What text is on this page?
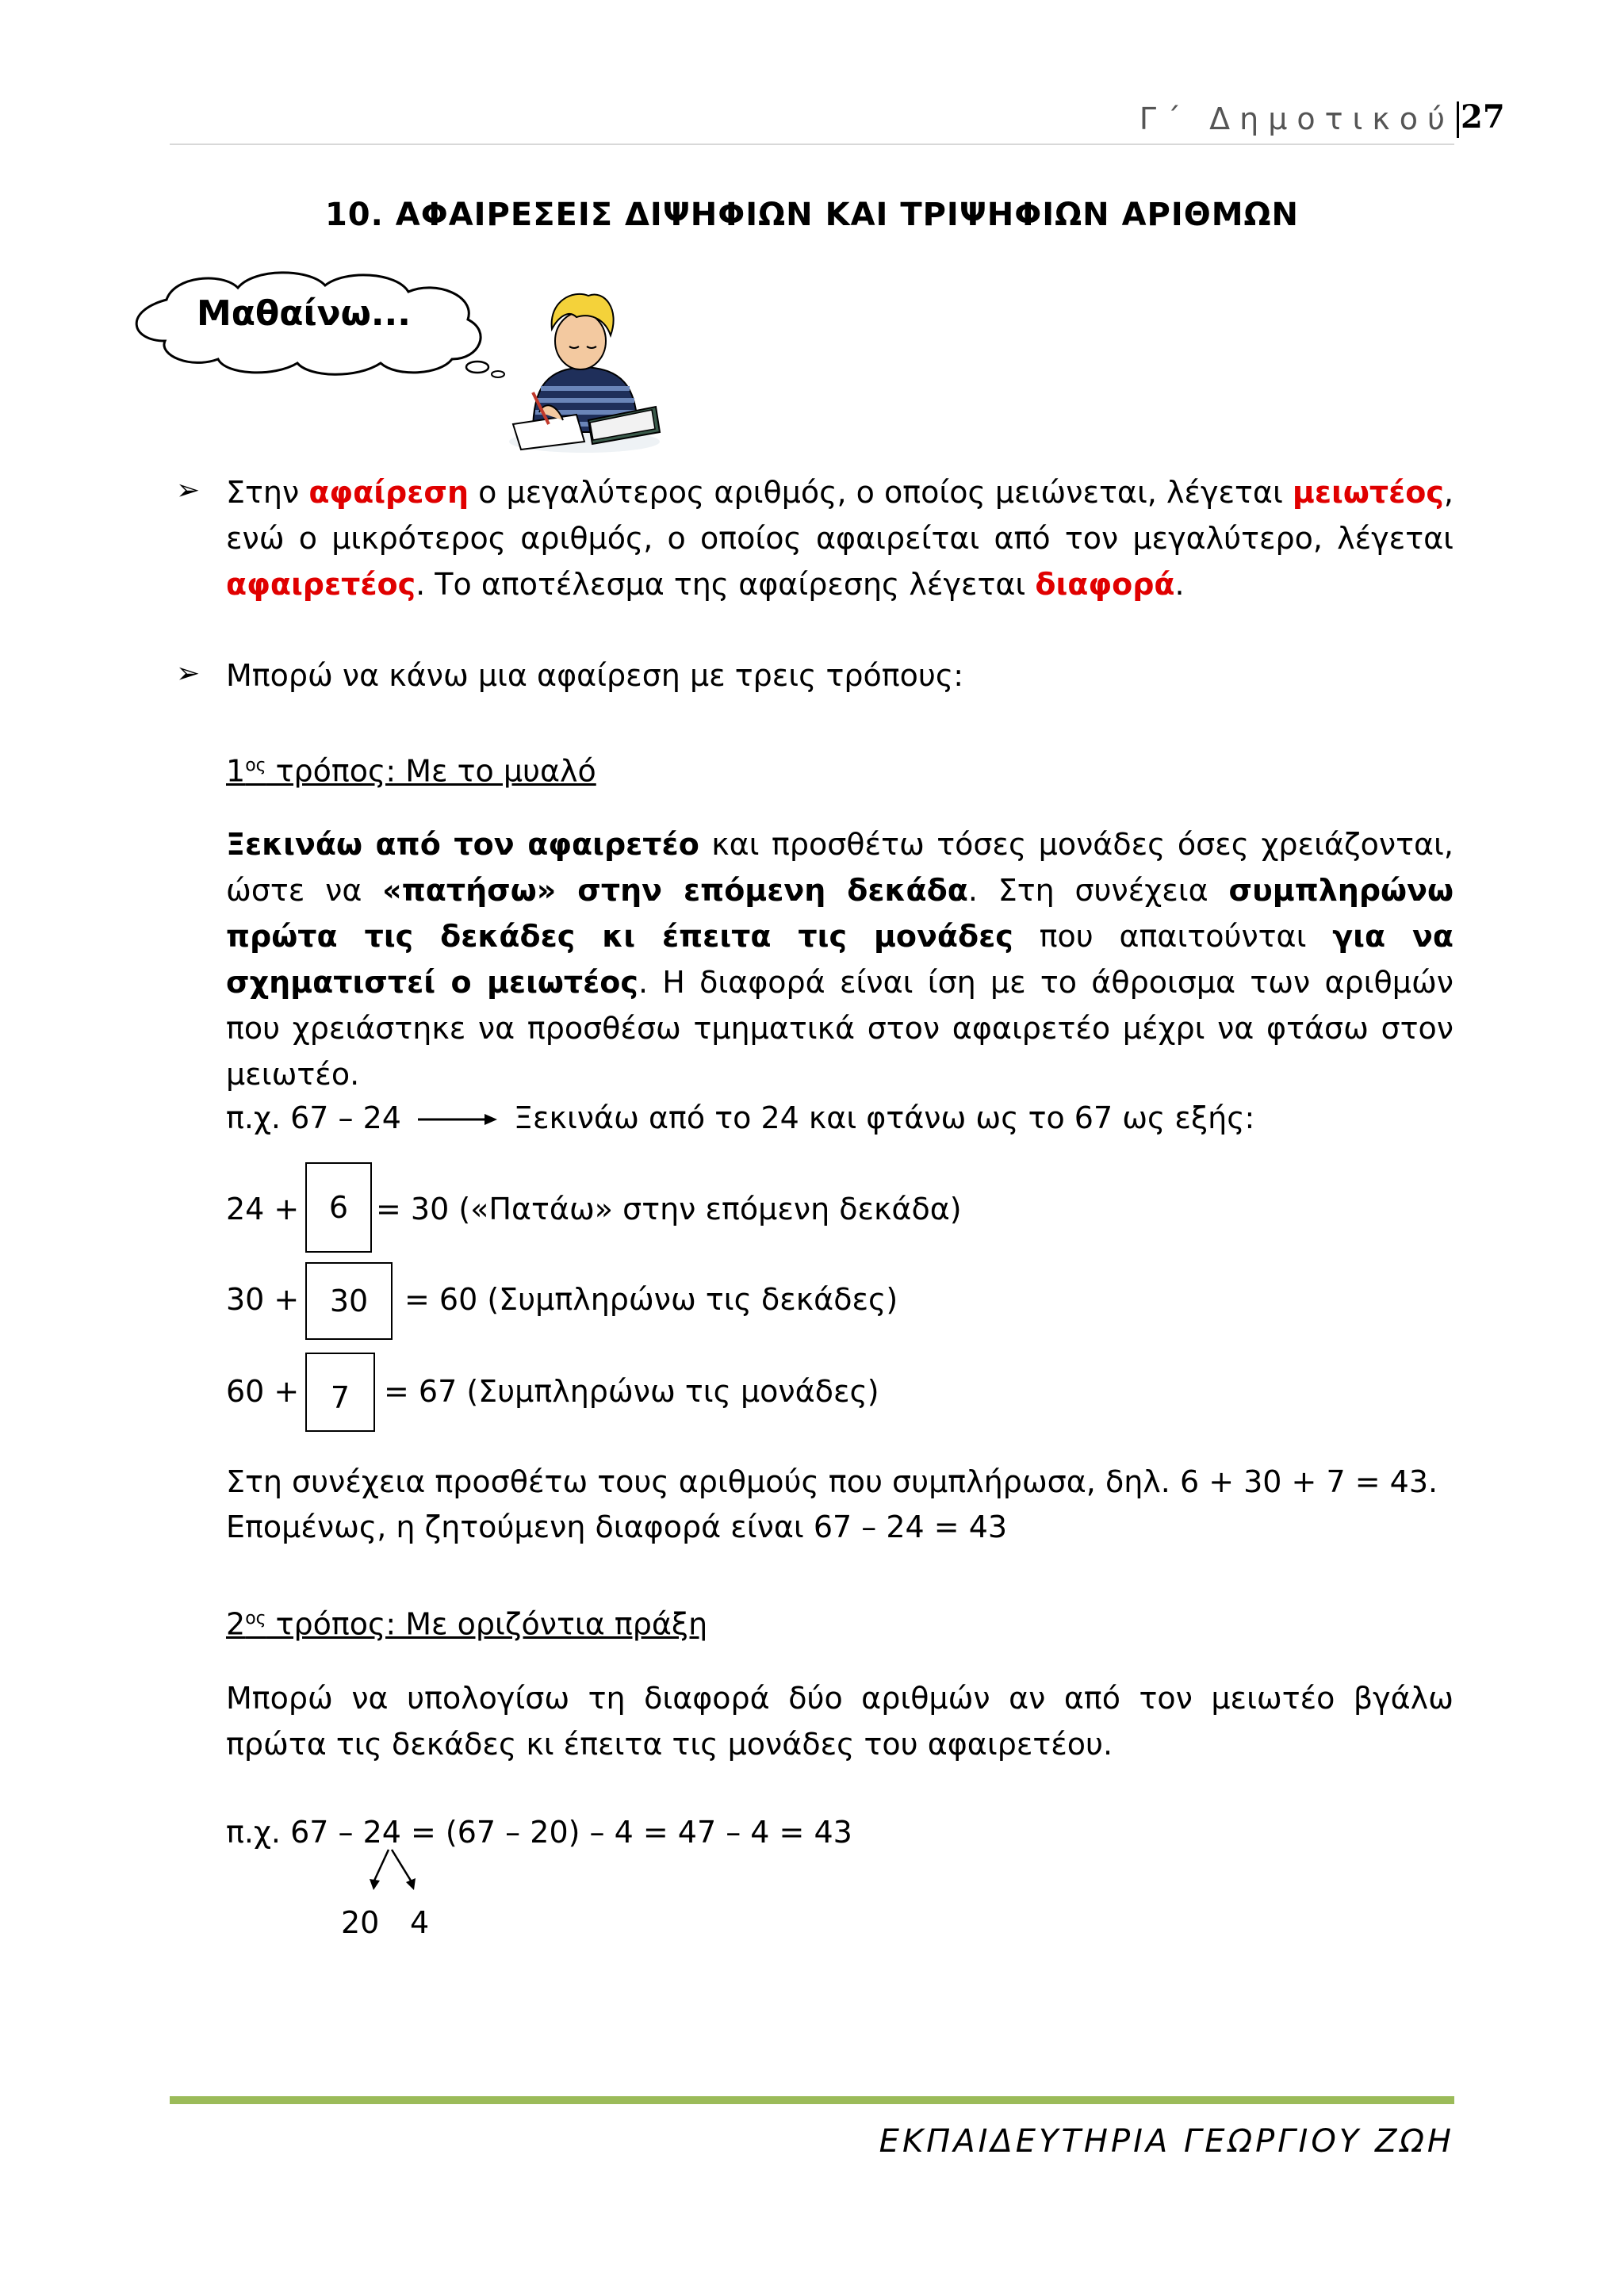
Γ΄ Δημοτικού 27
10. ΑΦΑΙΡΕΣΕΙΣ ΔΙΨΗΦΙΩΝ ΚΑΙ ΤΡΙΨΗΦΙΩΝ ΑΡΙΘΜΩΝ
Μαθαίνω...
➢ Στην αφαίρεση ο μεγαλύτερος αριθμός, ο οποίος μειώνεται, λέγεται μειωτέος, ενώ ο μικρότερος αριθμός, ο οποίος αφαιρείται από τον μεγαλύτερο, λέγεται αφαιρετέος. Το αποτέλεσμα της αφαίρεσης λέγεται διαφορά.
➢ Μπορώ να κάνω μια αφαίρεση με τρεις τρόπους:
$1^{o\varsigma}$ τρόπος: Με το μυαλό
Ξεκινάω από τον αφαιρετέο και προσθέτω τόσες μονάδες όσες χρειάζονται, ώστε να «πατήσω» στην επόμενη δεκάδα. Στη συνέχεια συμπληρώνω πρώτα τις δεκάδες κι έπειτα τις μονάδες που απαιτούνται για να σχηματιστεί ο μειωτέος. Η διαφορά είναι ίση με το άθροισμα των αριθμών που χρειάστηκε να προσθέσω τμηματικά στον αφαιρετέο μέχρι να φτάσω στον μειωτέο.
π.χ. 67 – 24	Ξεκινάω από το 24 και φτάνω ως το 67 ως εξής:
24 + 6 = 30 («Πατάω» στην επόμενη δεκάδα)
30 +	30	= 60 (Συμπληρώνω τις δεκάδες)
60 +	7	= 67 (Συμπληρώνω τις μονάδες)
Στη συνέχεια προσθέτω τους αριθμούς που συμπλήρωσα, δηλ. 6 + 30 + 7 = 43.
Επομένως, η ζητούμενη διαφορά είναι 67 – 24 = 43
$2^{o\varsigma}$ τρόπος: Με οριζόντια πράξη
Μπορώ να υπολογίσω τη διαφορά δύο αριθμών αν από τον μειωτέο βγάλω πρώτα τις δεκάδες κι έπειτα τις μονάδες του αφαιρετέου.
π.χ. 67 – 24 = (67 – 20) – 4 = 47 – 4 = 43
20 4
ΕΚΠΑΙΔΕΥΤΗΡΙΑ ΓΕΩΡΓΙΟΥ ΖΩΗ
